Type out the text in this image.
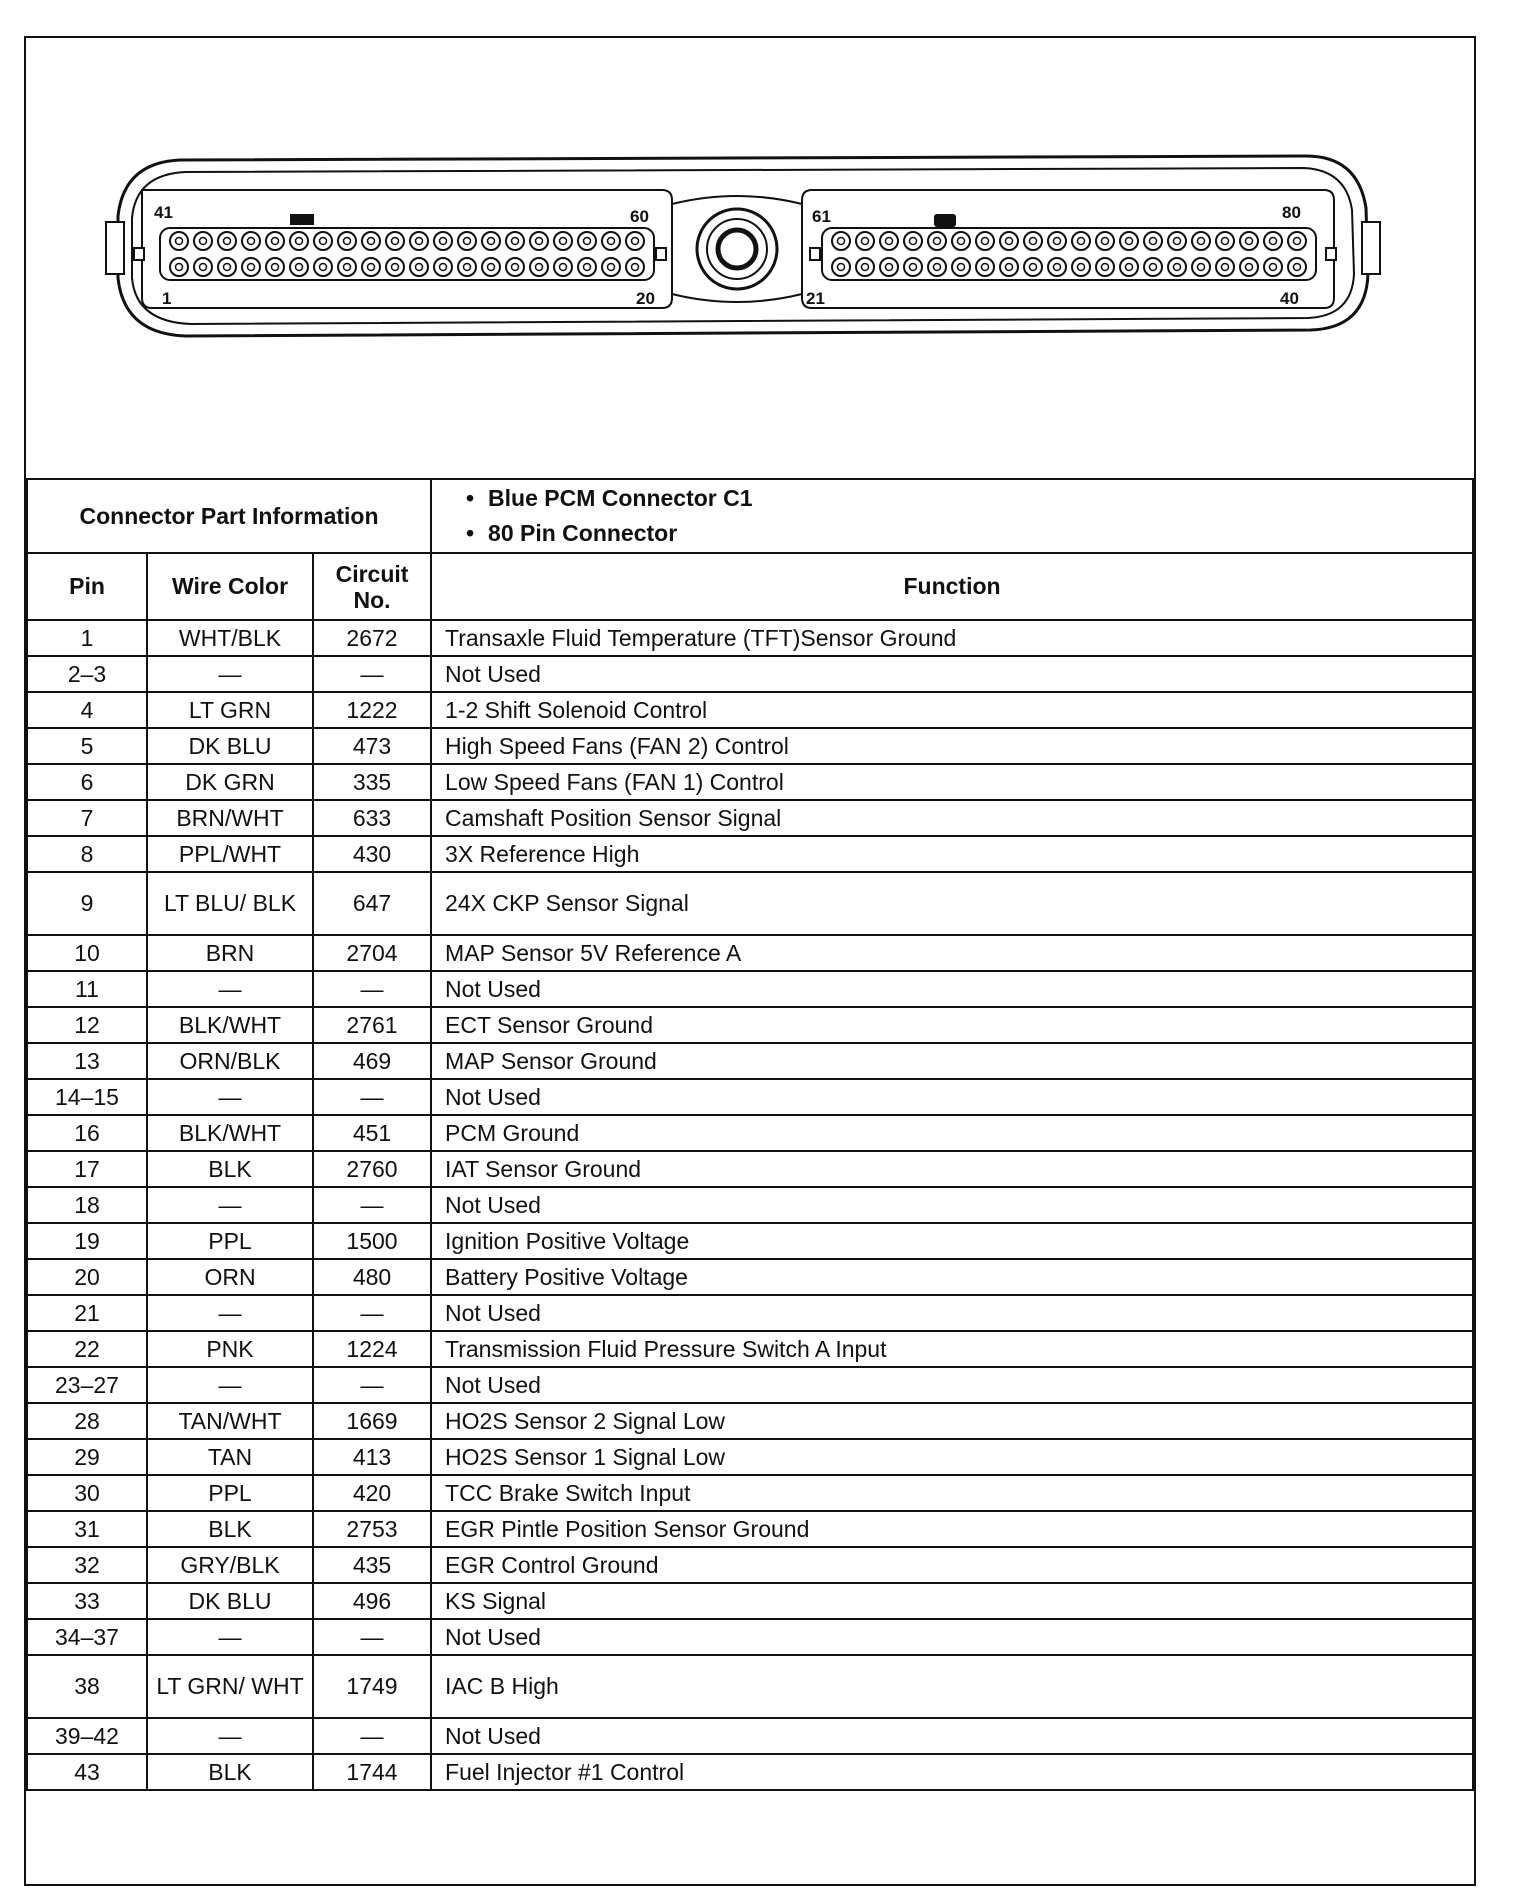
41	60
1	20
61	80
21	40
Connector Part Information			• Blue PCM Connector C1
• 80 Pin Connector

Pin	Wire Color	Circuit No.	Function
1	WHT/BLK	2672	Transaxle Fluid Temperature (TFT)Sensor Ground
2–3	—	—	Not Used
4	LT GRN	1222	1-2 Shift Solenoid Control
5	DK BLU	473	High Speed Fans (FAN 2) Control
6	DK GRN	335	Low Speed Fans (FAN 1) Control
7	BRN/WHT	633	Camshaft Position Sensor Signal
8	PPL/WHT	430	3X Reference High
9	LT BLU/ BLK	647	24X CKP Sensor Signal
10	BRN	2704	MAP Sensor 5V Reference A
11	—	—	Not Used
12	BLK/WHT	2761	ECT Sensor Ground
13	ORN/BLK	469	MAP Sensor Ground
14–15	—	—	Not Used
16	BLK/WHT	451	PCM Ground
17	BLK	2760	IAT Sensor Ground
18	—	—	Not Used
19	PPL	1500	Ignition Positive Voltage
20	ORN	480	Battery Positive Voltage
21	—	—	Not Used
22	PNK	1224	Transmission Fluid Pressure Switch A Input
23–27	—	—	Not Used
28	TAN/WHT	1669	HO2S Sensor 2 Signal Low
29	TAN	413	HO2S Sensor 1 Signal Low
30	PPL	420	TCC Brake Switch Input
31	BLK	2753	EGR Pintle Position Sensor Ground
32	GRY/BLK	435	EGR Control Ground
33	DK BLU	496	KS Signal
34–37	—	—	Not Used
38	LT GRN/ WHT	1749	IAC B High
39–42	—	—	Not Used
43	BLK	1744	Fuel Injector #1 Control
